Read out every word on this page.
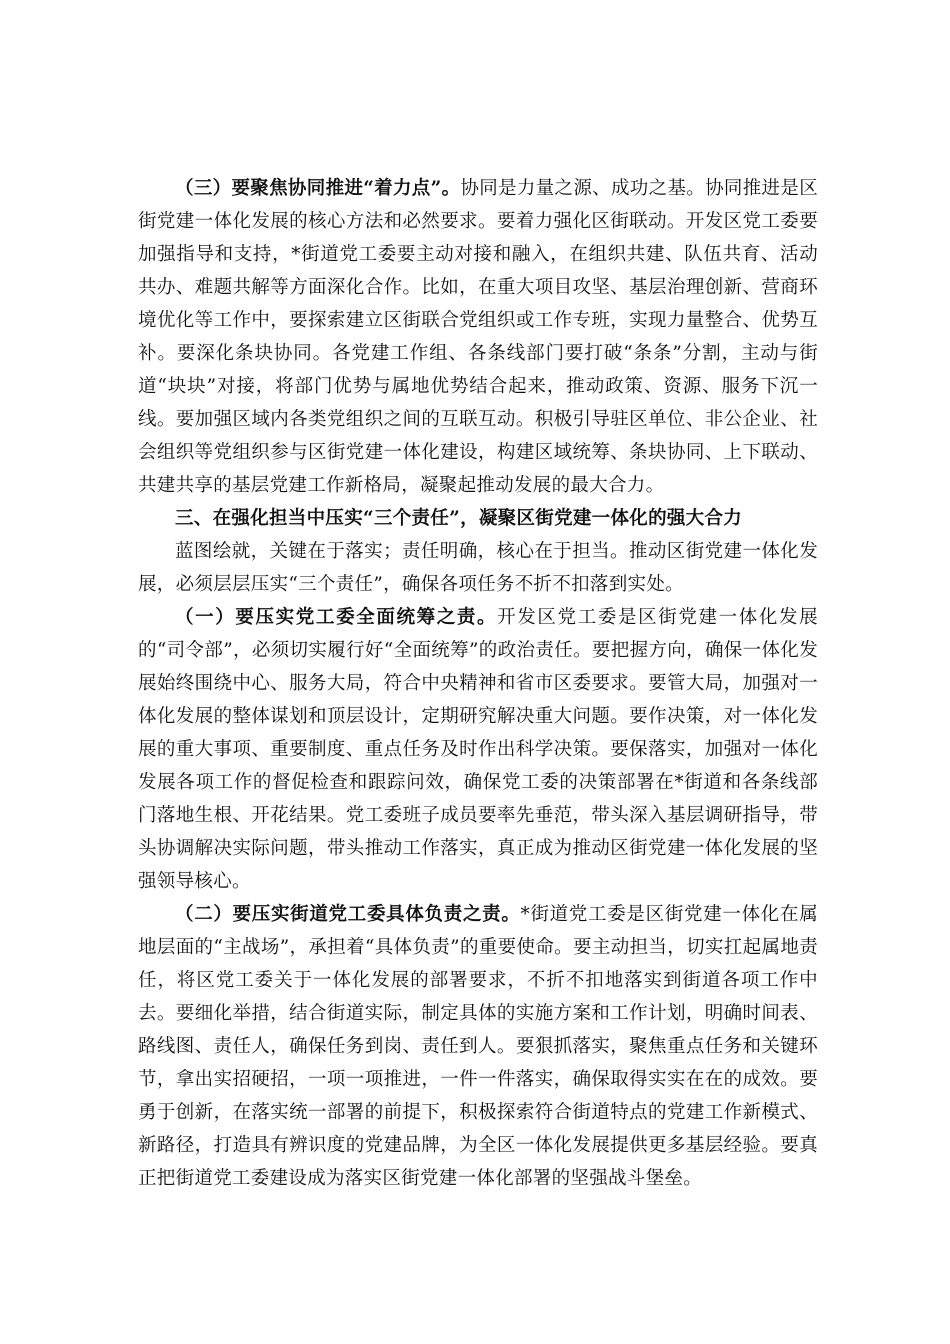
（三）要聚焦协同推进“着力点”。协同是力量之源、成功之基。协同推进是区街党建一体化发展的核心方法和必然要求。要着力强化区街联动。开发区党工委要加强指导和支持，*街道党工委要主动对接和融入，在组织共建、队伍共育、活动共办、难题共解等方面深化合作。比如，在重大项目攻坚、基层治理创新、营商环境优化等工作中，要探索建立区街联合党组织或工作专班，实现力量整合、优势互补。要深化条块协同。各党建工作组、各条线部门要打破“条条”分割，主动与街道“块块”对接，将部门优势与属地优势结合起来，推动政策、资源、服务下沉一线。要加强区域内各类党组织之间的互联互动。积极引导驻区单位、非公企业、社会组织等党组织参与区街党建一体化建设，构建区域统筹、条块协同、上下联动、共建共享的基层党建工作新格局，凝聚起推动发展的最大合力。

三、在强化担当中压实“三个责任”，凝聚区街党建一体化的强大合力

蓝图绘就，关键在于落实；责任明确，核心在于担当。推动区街党建一体化发展，必须层层压实“三个责任”，确保各项任务不折不扣落到实处。

（一）要压实党工委全面统筹之责。开发区党工委是区街党建一体化发展的“司令部”，必须切实履行好“全面统筹”的政治责任。要把握方向，确保一体化发展始终围绕中心、服务大局，符合中央精神和省市区委要求。要管大局，加强对一体化发展的整体谋划和顶层设计，定期研究解决重大问题。要作决策，对一体化发展的重大事项、重要制度、重点任务及时作出科学决策。要保落实，加强对一体化发展各项工作的督促检查和跟踪问效，确保党工委的决策部署在*街道和各条线部门落地生根、开花结果。党工委班子成员要率先垂范，带头深入基层调研指导，带头协调解决实际问题，带头推动工作落实，真正成为推动区街党建一体化发展的坚强领导核心。

（二）要压实街道党工委具体负责之责。*街道党工委是区街党建一体化在属地层面的“主战场”，承担着“具体负责”的重要使命。要主动担当，切实扛起属地责任，将区党工委关于一体化发展的部署要求，不折不扣地落实到街道各项工作中去。要细化举措，结合街道实际，制定具体的实施方案和工作计划，明确时间表、路线图、责任人，确保任务到岗、责任到人。要狠抓落实，聚焦重点任务和关键环节，拿出实招硬招，一项一项推进，一件一件落实，确保取得实实在在的成效。要勇于创新，在落实统一部署的前提下，积极探索符合街道特点的党建工作新模式、新路径，打造具有辨识度的党建品牌，为全区一体化发展提供更多基层经验。要真正把街道党工委建设成为落实区街党建一体化部署的坚强战斗堡垒。
